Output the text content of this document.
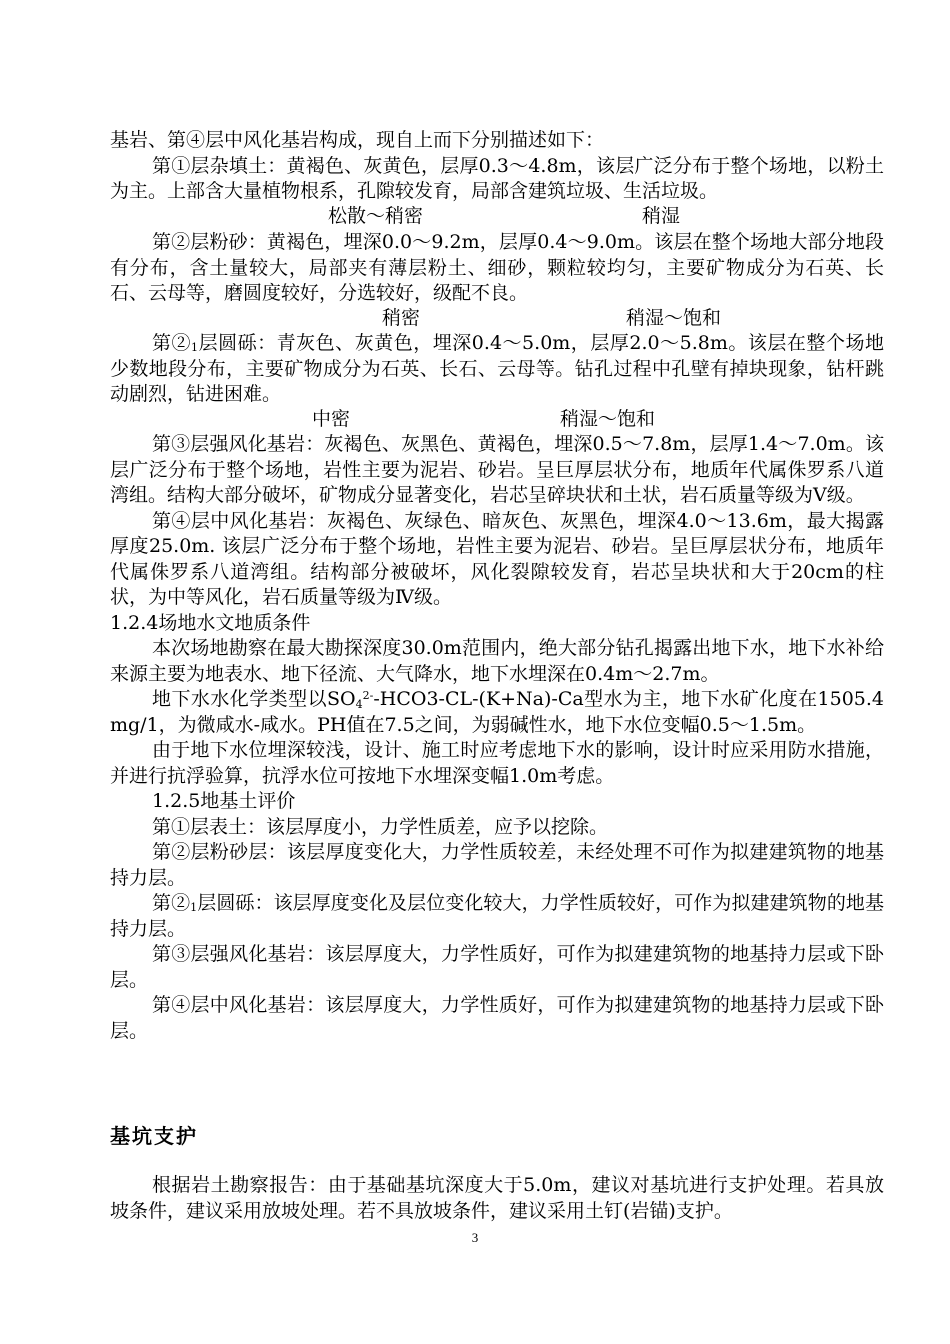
基岩、第④层中风化基岩构成，现自上而下分别描述如下：

第①层杂填土：黄褐色、灰黄色，层厚0.3～4.8m，该层广泛分布于整个场地，以粉土为主。上部含大量植物根系，孔隙较发育，局部含建筑垃圾、生活垃圾。

松散～稍密	稍湿

第②层粉砂：黄褐色，埋深0.0～9.2m，层厚0.4～9.0m。该层在整个场地大部分地段有分布，含土量较大，局部夹有薄层粉土、细砂，颗粒较均匀，主要矿物成分为石英、长石、云母等，磨圆度较好，分选较好，级配不良。

稍密	稍湿～饱和

第②1层圆砾：青灰色、灰黄色，埋深0.4～5.0m，层厚2.0～5.8m。该层在整个场地少数地段分布，主要矿物成分为石英、长石、云母等。钻孔过程中孔壁有掉块现象，钻杆跳动剧烈，钻进困难。

中密	稍湿～饱和

第③层强风化基岩：灰褐色、灰黑色、黄褐色，埋深0.5～7.8m，层厚1.4～7.0m。该层广泛分布于整个场地，岩性主要为泥岩、砂岩。呈巨厚层状分布，地质年代属侏罗系八道湾组。结构大部分破坏，矿物成分显著变化，岩芯呈碎块状和土状，岩石质量等级为Ⅴ级。

第④层中风化基岩：灰褐色、灰绿色、暗灰色、灰黑色，埋深4.0～13.6m，最大揭露厚度25.0m. 该层广泛分布于整个场地，岩性主要为泥岩、砂岩。呈巨厚层状分布，地质年代属侏罗系八道湾组。结构部分被破坏，风化裂隙较发育，岩芯呈块状和大于20cm的柱状，为中等风化，岩石质量等级为Ⅳ级。

1.2.4场地水文地质条件

本次场地勘察在最大勘探深度30.0m范围内，绝大部分钻孔揭露出地下水，地下水补给来源主要为地表水、地下径流、大气降水，地下水埋深在0.4m～2.7m。

地下水水化学类型以$SO4^{2-}-HCO3-CL-(K+Na)-Ca$型水为主，地下水矿化度在1505.4mg/1，为微咸水-咸水。PH值在7.5之间，为弱碱性水，地下水位变幅0.5～1.5m。

由于地下水位埋深较浅，设计、施工时应考虑地下水的影响，设计时应采用防水措施，并进行抗浮验算，抗浮水位可按地下水埋深变幅1.0m考虑。

1.2.5地基土评价

第①层表土：该层厚度小，力学性质差，应予以挖除。

第②层粉砂层：该层厚度变化大，力学性质较差，未经处理不可作为拟建建筑物的地基持力层。

第②1层圆砾：该层厚度变化及层位变化较大，力学性质较好，可作为拟建建筑物的地基持力层。

第③层强风化基岩：该层厚度大，力学性质好，可作为拟建建筑物的地基持力层或下卧层。

第④层中风化基岩：该层厚度大，力学性质好，可作为拟建建筑物的地基持力层或下卧层。

基坑支护

根据岩土勘察报告：由于基础基坑深度大于5.0m，建议对基坑进行支护处理。若具放坡条件，建议采用放坡处理。若不具放坡条件，建议采用土钉(岩锚)支护。

3
